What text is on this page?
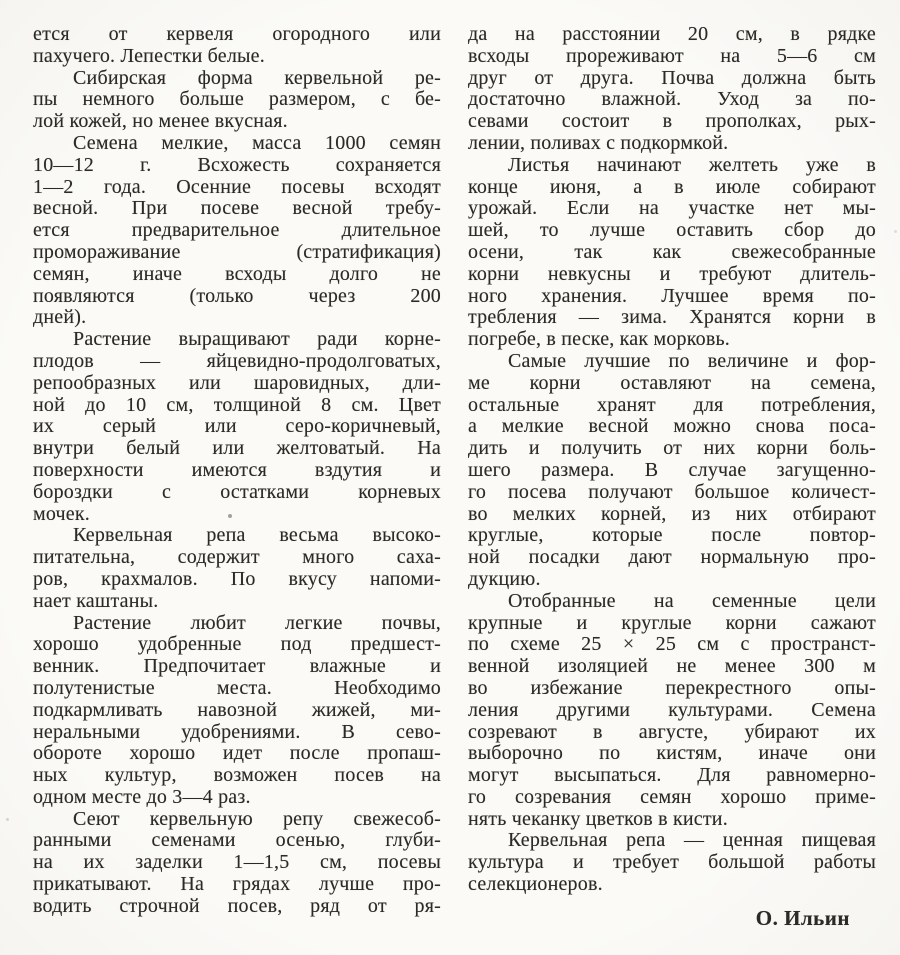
ется от кервеля огородного или
пахучего. Лепестки белые.
Сибирская форма кервельной ре-
пы немного больше размером, с бе-
лой кожей, но менее вкусная.
Семена мелкие, масса 1000 семян
10—12 г. Всхожесть сохраняется
1—2 года. Осенние посевы всходят
весной. При посеве весной требу-
ется предварительное длительное
промораживание (стратификация)
семян, иначе всходы долго не
появляются (только через 200
дней).
Растение выращивают ради корне-
плодов — яйцевидно-продолговатых,
репообразных или шаровидных, дли-
ной до 10 см, толщиной 8 см. Цвет
их серый или серо-коричневый,
внутри белый или желтоватый. На
поверхности имеются вздутия и
бороздки с остатками корневых
мочек.
Кервельная репа весьма высоко-
питательна, содержит много саха-
ров, крахмалов. По вкусу напоми-
нает каштаны.
Растение любит легкие почвы,
хорошо удобренные под предшест-
венник. Предпочитает влажные и
полутенистые места. Необходимо
подкармливать навозной жижей, ми-
неральными удобрениями. В сево-
обороте хорошо идет после пропаш-
ных культур, возможен посев на
одном месте до 3—4 раз.
Сеют кервельную репу свежесоб-
ранными семенами осенью, глуби-
на их заделки 1—1,5 см, посевы
прикатывают. На грядах лучше про-
водить строчной посев, ряд от ря-
да на расстоянии 20 см, в рядке
всходы прореживают на 5—6 см
друг от друга. Почва должна быть
достаточно влажной. Уход за по-
севами состоит в прополках, рых-
лении, поливах с подкормкой.
Листья начинают желтеть уже в
конце июня, а в июле собирают
урожай. Если на участке нет мы-
шей, то лучше оставить сбор до
осени, так как свежесобранные
корни невкусны и требуют длитель-
ного хранения. Лучшее время по-
требления — зима. Хранятся корни в
погребе, в песке, как морковь.
Самые лучшие по величине и фор-
ме корни оставляют на семена,
остальные хранят для потребления,
а мелкие весной можно снова поса-
дить и получить от них корни боль-
шего размера. В случае загущенно-
го посева получают большое количест-
во мелких корней, из них отбирают
круглые, которые после повтор-
ной посадки дают нормальную про-
дукцию.
Отобранные на семенные цели
крупные и круглые корни сажают
по схеме 25 × 25 см с пространст-
венной изоляцией не менее 300 м
во избежание перекрестного опы-
ления другими культурами. Семена
созревают в августе, убирают их
выборочно по кистям, иначе они
могут высыпаться. Для равномерно-
го созревания семян хорошо приме-
нять чеканку цветков в кисти.
Кервельная репа — ценная пищевая
культура и требует большой работы
селекционеров.
О. Ильин
